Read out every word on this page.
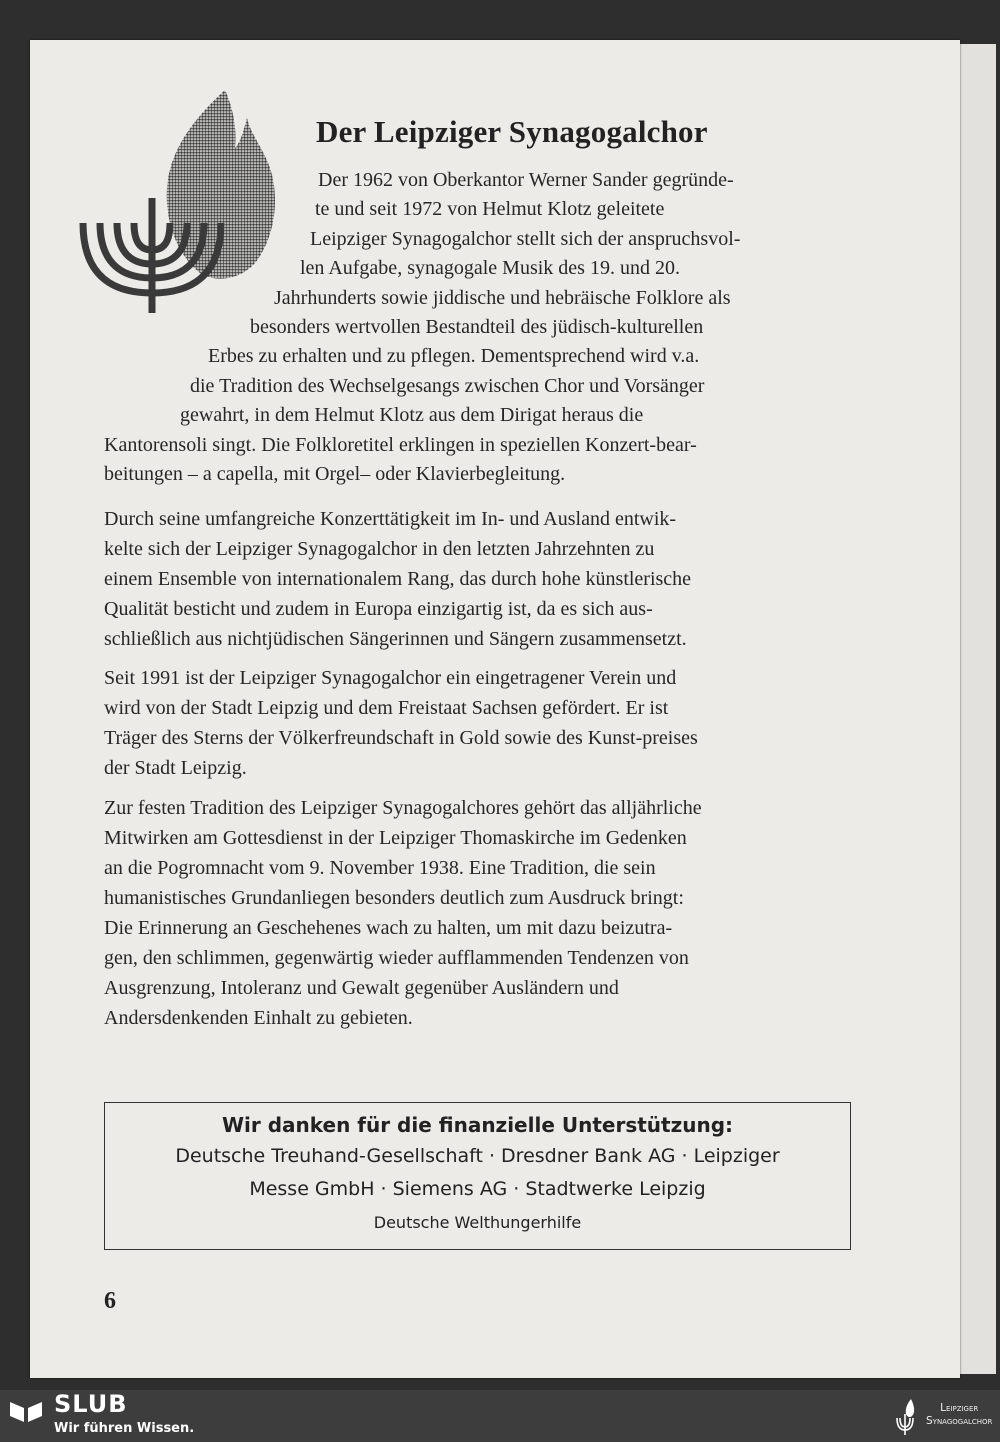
Der Leipziger Synagogalchor
Der 1962 von Oberkantor Werner Sander gegründe-
te und seit 1972 von Helmut Klotz geleitete
Leipziger Synagogalchor stellt sich der anspruchsvol-
len Aufgabe, synagogale Musik des 19. und 20.
Jahrhunderts sowie jiddische und hebräische Folklore als
besonders wertvollen Bestandteil des jüdisch-kulturellen
Erbes zu erhalten und zu pflegen. Dementsprechend wird v.a.
die Tradition des Wechselgesangs zwischen Chor und Vorsänger
gewahrt, in dem Helmut Klotz aus dem Dirigat heraus die
Kantorensoli singt. Die Folkloretitel erklingen in speziellen Konzert-bear-
beitungen – a capella, mit Orgel– oder Klavierbegleitung.
Durch seine umfangreiche Konzerttätigkeit im In- und Ausland entwik-
kelte sich der Leipziger Synagogalchor in den letzten Jahrzehnten zu
einem Ensemble von internationalem Rang, das durch hohe künstlerische
Qualität besticht und zudem in Europa einzigartig ist, da es sich aus-
schließlich aus nichtjüdischen Sängerinnen und Sängern zusammensetzt.
Seit 1991 ist der Leipziger Synagogalchor ein eingetragener Verein und
wird von der Stadt Leipzig und dem Freistaat Sachsen gefördert. Er ist
Träger des Sterns der Völkerfreundschaft in Gold sowie des Kunst-preises
der Stadt Leipzig.
Zur festen Tradition des Leipziger Synagogalchores gehört das alljährliche
Mitwirken am Gottesdienst in der Leipziger Thomaskirche im Gedenken
an die Pogromnacht vom 9. November 1938. Eine Tradition, die sein
humanistisches Grundanliegen besonders deutlich zum Ausdruck bringt:
Die Erinnerung an Geschehenes wach zu halten, um mit dazu beizutra-
gen, den schlimmen, gegenwärtig wieder aufflammenden Tendenzen von
Ausgrenzung, Intoleranz und Gewalt gegenüber Ausländern und
Andersdenkenden Einhalt zu gebieten.
Wir danken für die finanzielle Unterstützung:
Deutsche Treuhand-Gesellschaft · Dresdner Bank AG · Leipziger
Messe GmbH · Siemens AG · Stadtwerke Leipzig
Deutsche Welthungerhilfe
6
SLUB
Wir führen Wissen.
Leipziger
Synagogalchor
